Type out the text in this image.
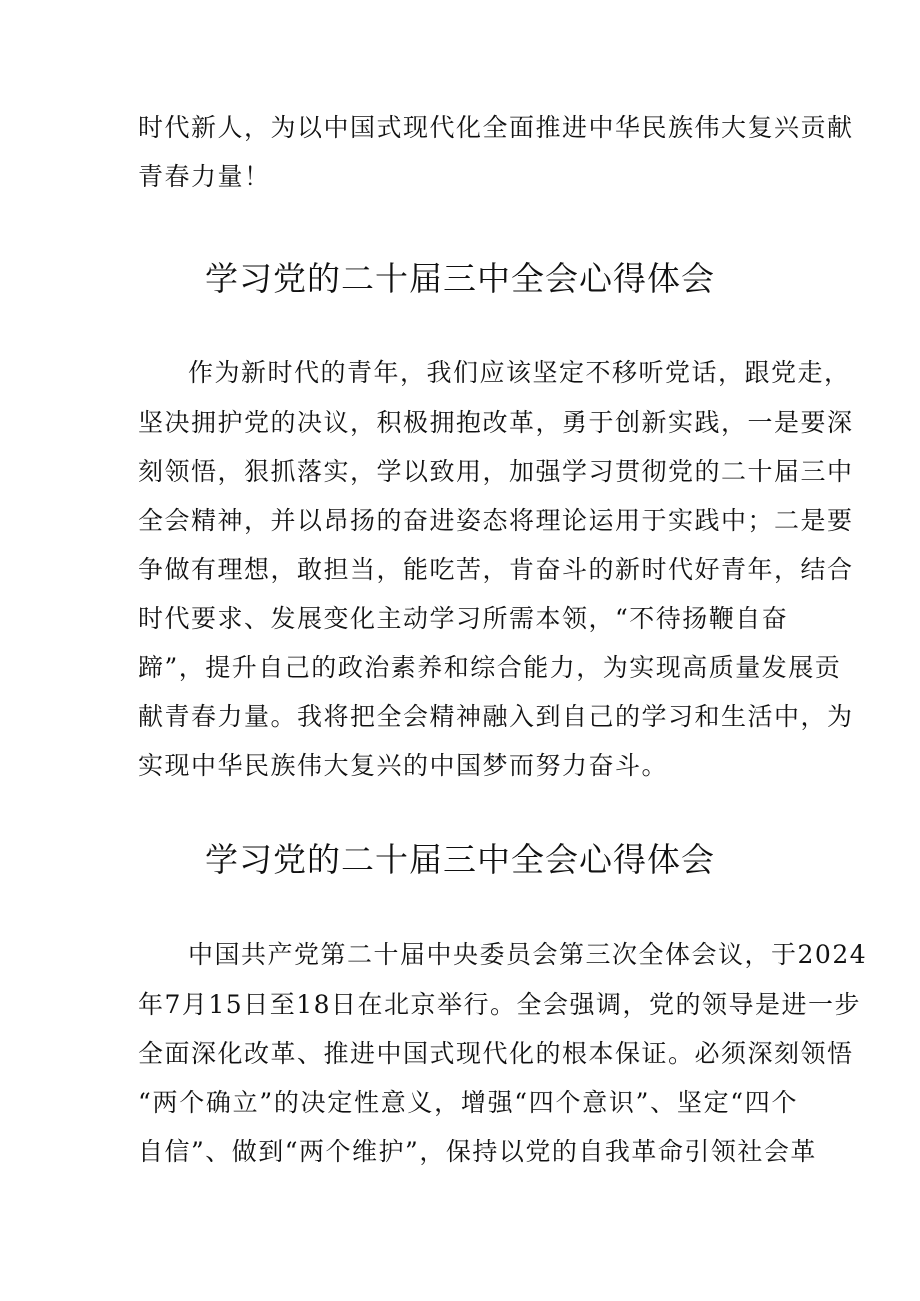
时代新人，为以中国式现代化全面推进中华民族伟大复兴贡献
青春力量！
学习党的二十届三中全会心得体会
作为新时代的青年，我们应该坚定不移听党话，跟党走，
坚决拥护党的决议，积极拥抱改革，勇于创新实践，一是要深
刻领悟，狠抓落实，学以致用，加强学习贯彻党的二十届三中
全会精神，并以昂扬的奋进姿态将理论运用于实践中；二是要
争做有理想，敢担当，能吃苦，肯奋斗的新时代好青年，结合
时代要求、发展变化主动学习所需本领，“不待扬鞭自奋
蹄”，提升自己的政治素养和综合能力，为实现高质量发展贡
献青春力量。我将把全会精神融入到自己的学习和生活中，为
实现中华民族伟大复兴的中国梦而努力奋斗。
学习党的二十届三中全会心得体会
中国共产党第二十届中央委员会第三次全体会议，于2024
年7月15日至18日在北京举行。全会强调，党的领导是进一步
全面深化改革、推进中国式现代化的根本保证。必须深刻领悟
“两个确立”的决定性意义，增强“四个意识”、坚定“四个
自信”、做到“两个维护”，保持以党的自我革命引领社会革
